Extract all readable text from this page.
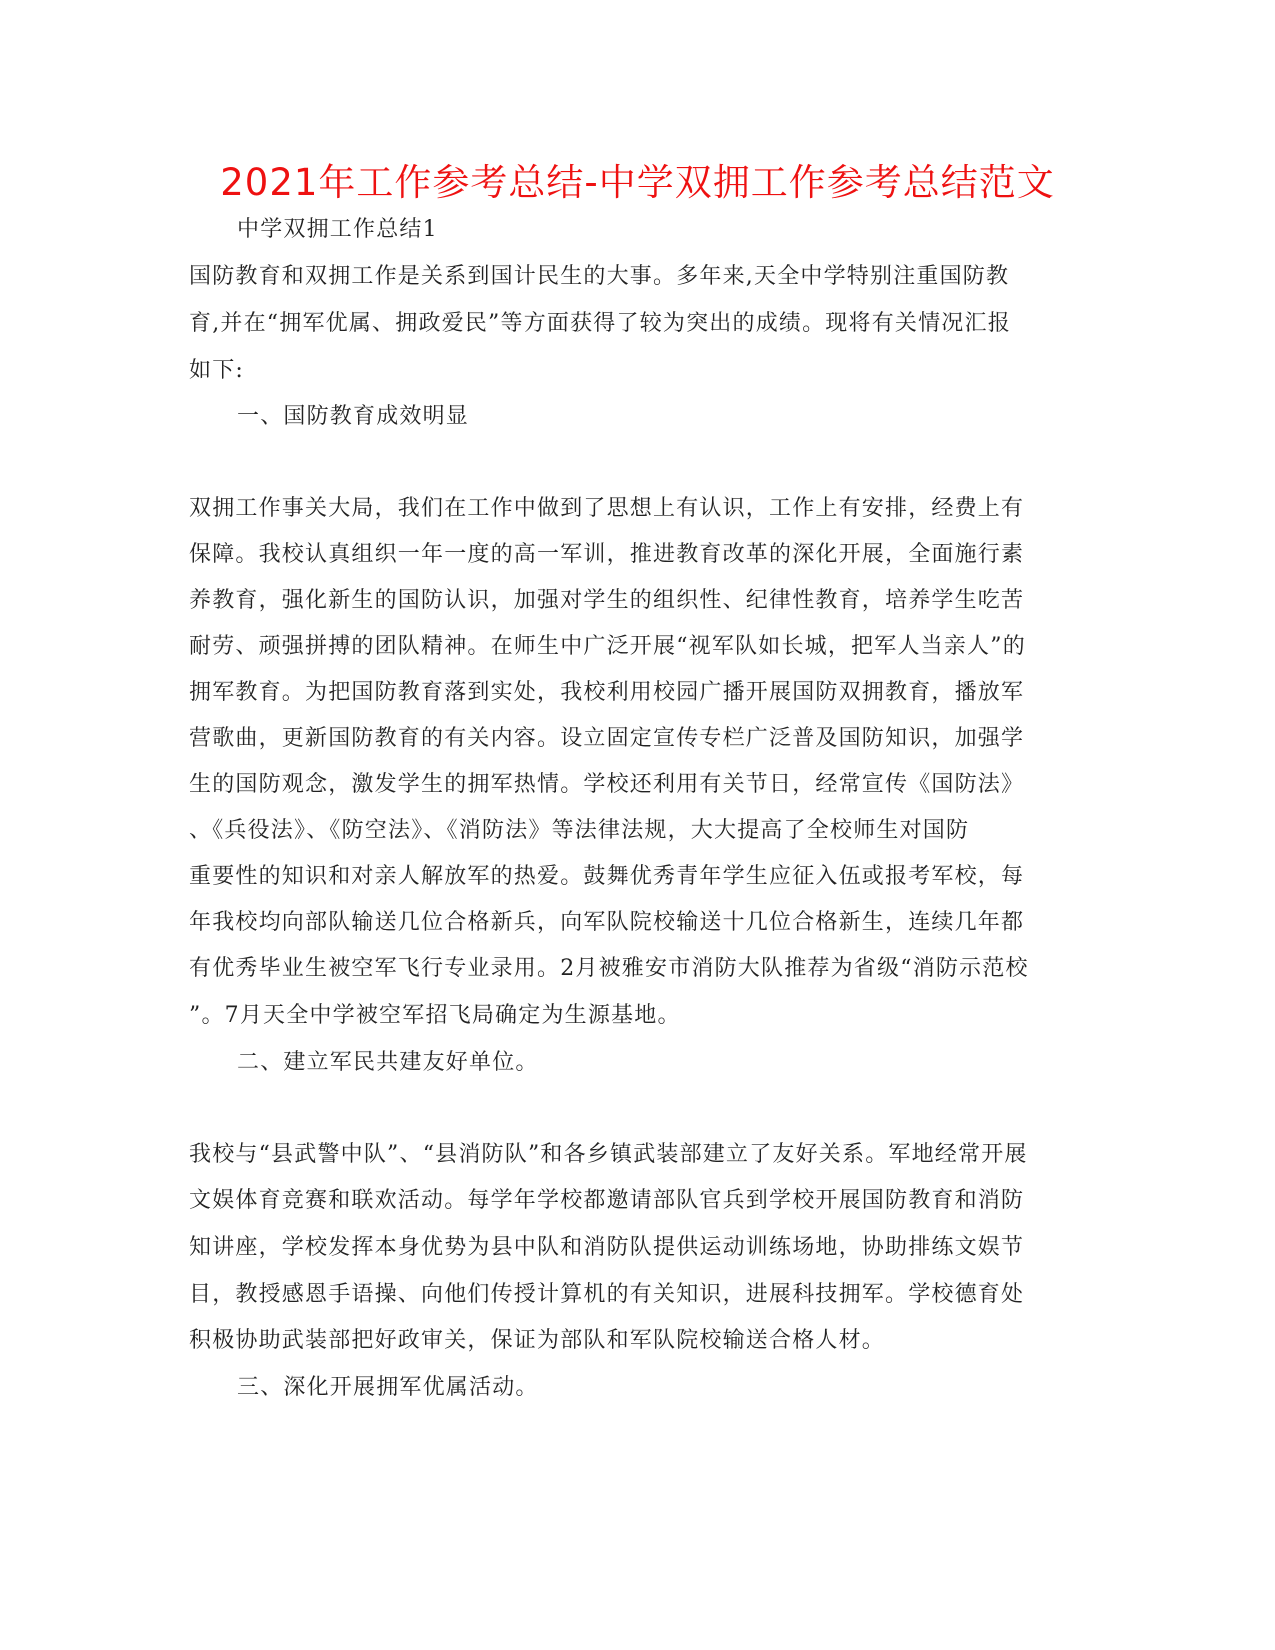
2021年工作参考总结-中学双拥工作参考总结范文
中学双拥工作总结1
国防教育和双拥工作是关系到国计民生的大事。多年来,天全中学特别注重国防教
育,并在“拥军优属、拥政爱民”等方面获得了较为突出的成绩。现将有关情况汇报
如下:
一、国防教育成效明显
双拥工作事关大局，我们在工作中做到了思想上有认识，工作上有安排，经费上有
保障。我校认真组织一年一度的高一军训，推进教育改革的深化开展，全面施行素
养教育，强化新生的国防认识，加强对学生的组织性、纪律性教育，培养学生吃苦
耐劳、顽强拼搏的团队精神。在师生中广泛开展“视军队如长城，把军人当亲人”的
拥军教育。为把国防教育落到实处，我校利用校园广播开展国防双拥教育，播放军
营歌曲，更新国防教育的有关内容。设立固定宣传专栏广泛普及国防知识，加强学
生的国防观念，激发学生的拥军热情。学校还利用有关节日，经常宣传《国防法》
、《兵役法》、《防空法》、《消防法》等法律法规，大大提高了全校师生对国防
重要性的知识和对亲人解放军的热爱。鼓舞优秀青年学生应征入伍或报考军校，每
年我校均向部队输送几位合格新兵，向军队院校输送十几位合格新生，连续几年都
有优秀毕业生被空军飞行专业录用。2月被雅安市消防大队推荐为省级“消防示范校
”。7月天全中学被空军招飞局确定为生源基地。
二、建立军民共建友好单位。
我校与“县武警中队”、“县消防队”和各乡镇武装部建立了友好关系。军地经常开展
文娱体育竞赛和联欢活动。每学年学校都邀请部队官兵到学校开展国防教育和消防
知讲座，学校发挥本身优势为县中队和消防队提供运动训练场地，协助排练文娱节
目，教授感恩手语操、向他们传授计算机的有关知识，进展科技拥军。学校德育处
积极协助武装部把好政审关，保证为部队和军队院校输送合格人材。
三、深化开展拥军优属活动。
